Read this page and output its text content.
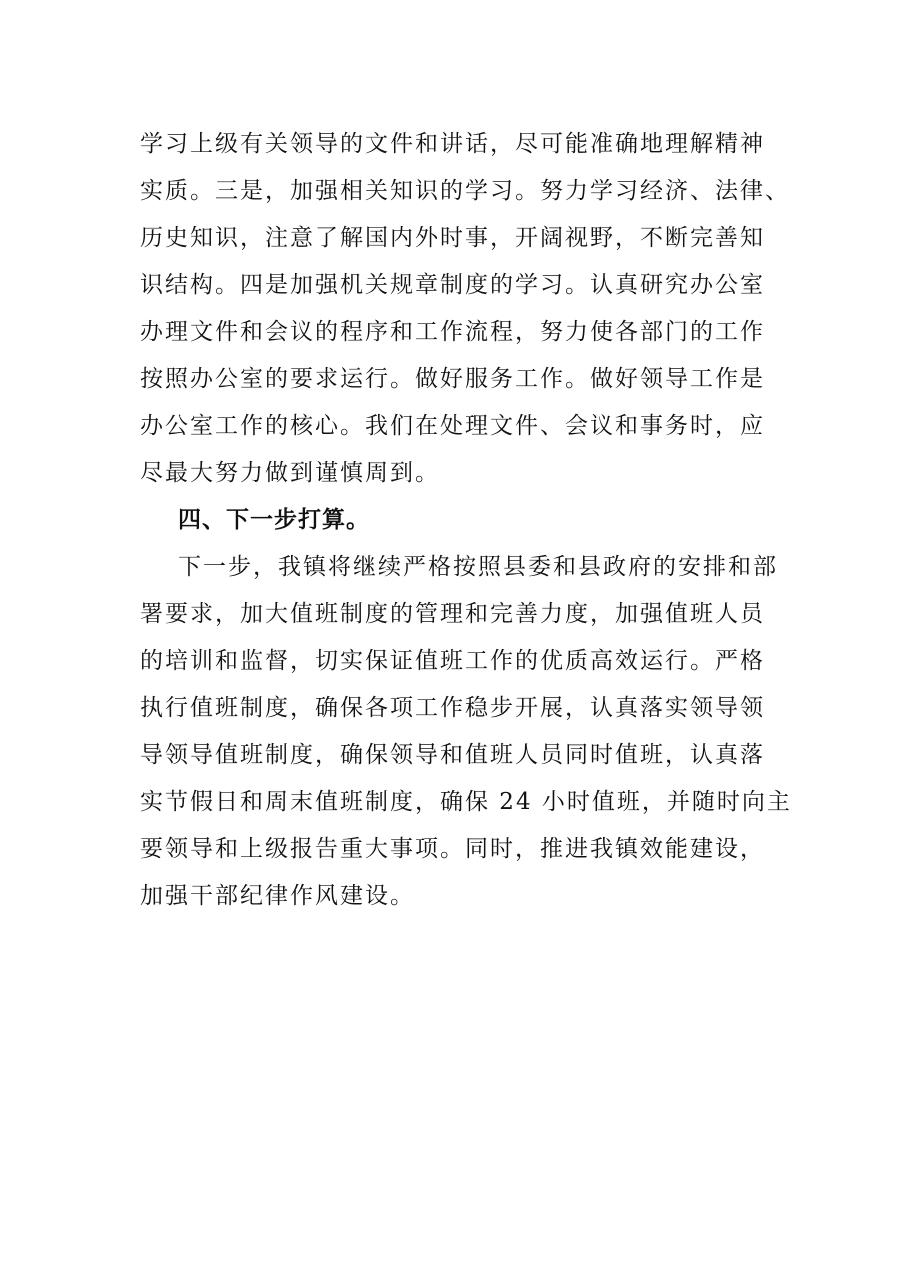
学习上级有关领导的文件和讲话，尽可能准确地理解精神
实质。三是，加强相关知识的学习。努力学习经济、法律、
历史知识，注意了解国内外时事，开阔视野，不断完善知
识结构。四是加强机关规章制度的学习。认真研究办公室
办理文件和会议的程序和工作流程，努力使各部门的工作
按照办公室的要求运行。做好服务工作。做好领导工作是
办公室工作的核心。我们在处理文件、会议和事务时，应
尽最大努力做到谨慎周到。
四、下一步打算。
下一步，我镇将继续严格按照县委和县政府的安排和部
署要求，加大值班制度的管理和完善力度，加强值班人员
的培训和监督，切实保证值班工作的优质高效运行。严格
执行值班制度，确保各项工作稳步开展，认真落实领导领
导领导值班制度，确保领导和值班人员同时值班，认真落
实节假日和周末值班制度，确保 24 小时值班，并随时向主
要领导和上级报告重大事项。同时，推进我镇效能建设，
加强干部纪律作风建设。
